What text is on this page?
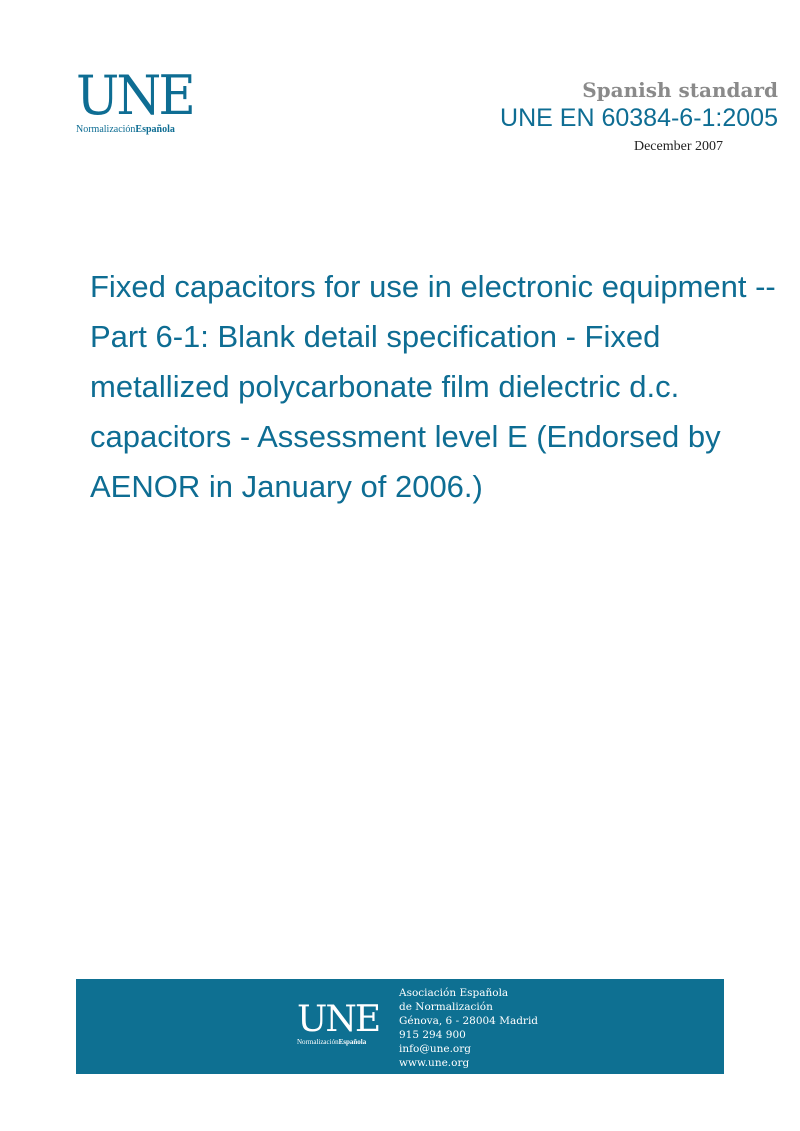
UNE
NormalizaciónEspañola
Spanish standard
UNE EN 60384-6-1:2005
December 2007
Fixed capacitors for use in electronic equipment -- Part 6-1: Blank detail specification - Fixed metallized polycarbonate film dielectric d.c. capacitors - Assessment level E (Endorsed by AENOR in January of 2006.)
UNE
NormalizaciónEspañola
Asociación Española
de Normalización
Génova, 6 - 28004 Madrid
915 294 900
info@une.org
www.une.org
